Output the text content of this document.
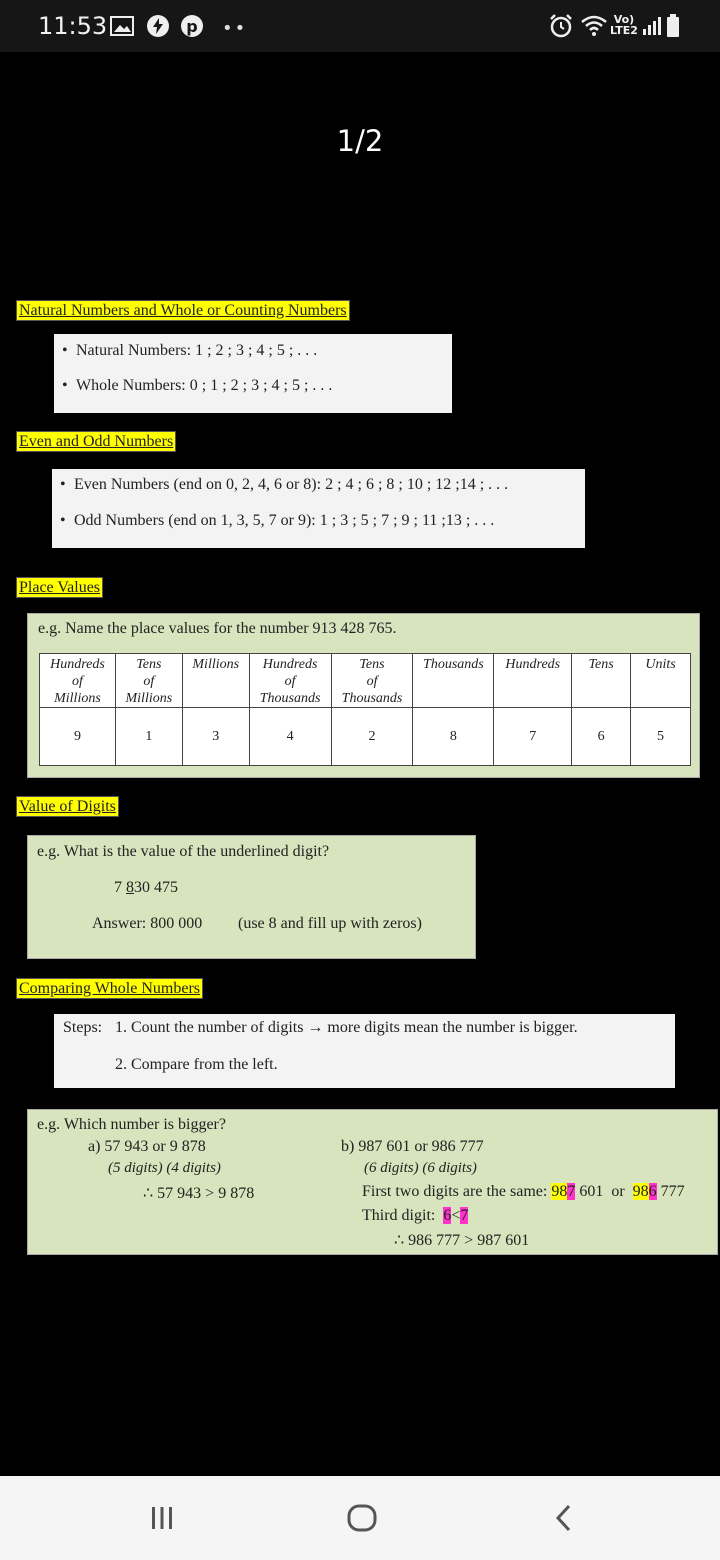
11:53	p ••	Vo)
LTE2
1/2
Natural Numbers and Whole or Counting Numbers
• Natural Numbers: 1 ; 2 ; 3 ; 4 ; 5 ; . . .
• Whole Numbers: 0 ; 1 ; 2 ; 3 ; 4 ; 5 ; . . .
Even and Odd Numbers
• Even Numbers (end on 0, 2, 4, 6 or 8): 2 ; 4 ; 6 ; 8 ; 10 ; 12 ;14 ; . . .
• Odd Numbers (end on 1, 3, 5, 7 or 9): 1 ; 3 ; 5 ; 7 ; 9 ; 11 ;13 ; . . .
Place Values
e.g. Name the place values for the number 913 428 765.
Hundreds
of
Millions	Tens
of
Millions	Millions	Hundreds
of
Thousands	Tens
of
Thousands	Thousands	Hundreds	Tens	Units
9	1	3	4	2	8	7	6	5
Value of Digits
e.g. What is the value of the underlined digit?
7 830 475
Answer: 800 000 (use 8 and fill up with zeros)
Comparing Whole Numbers
Steps: 1. Count the number of digits → more digits mean the number is bigger.
2. Compare from the left.
e.g. Which number is bigger?
a) 57 943 or 9 878
(5 digits) (4 digits)
∴ 57 943 > 9 878
b) 987 601 or 986 777
(6 digits) (6 digits)
First two digits are the same: 987 601  or  986 777
Third digit:  6<7
∴ 986 777 > 987 601
